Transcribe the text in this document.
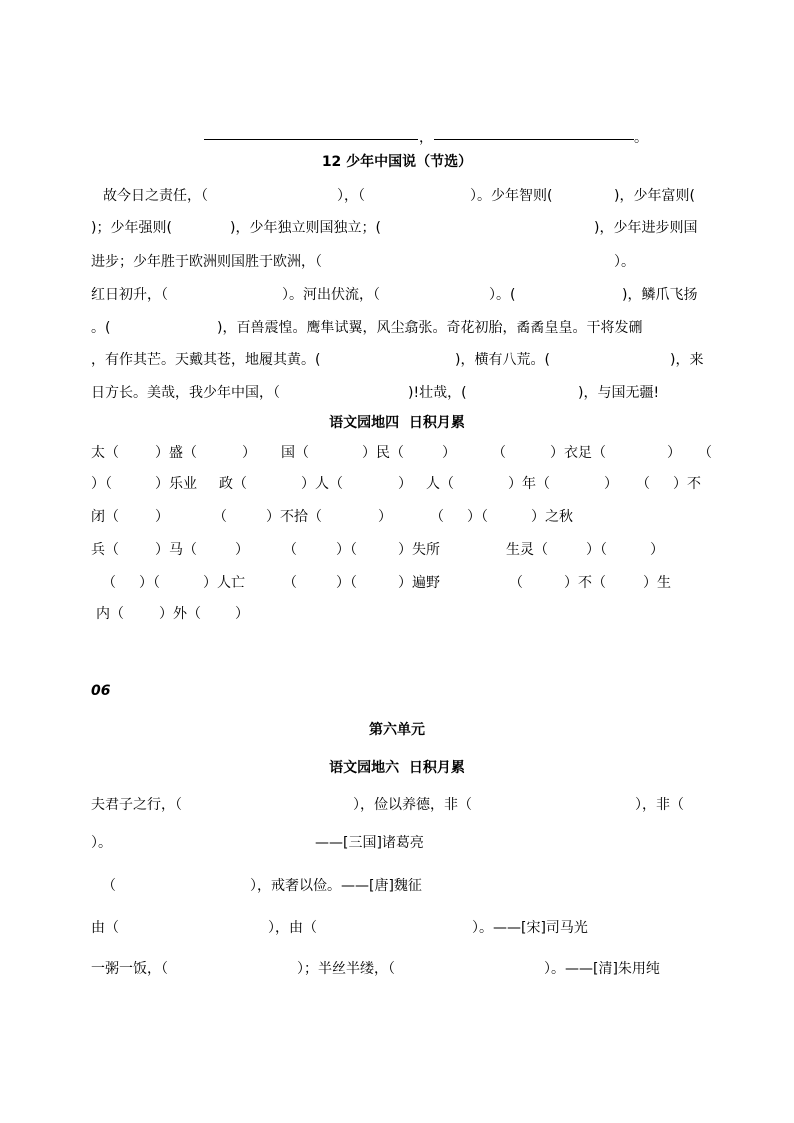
，	。
12 少年中国说（节选）
故今日之责任，（	），（	）。少年智则(	)，少年富则(
)；少年强则(	)，少年独立则国独立；(	)，少年进步则国
进步；少年胜于欧洲则国胜于欧洲，（	）。
红日初升，（	）。河出伏流，（	）。(	)，鳞爪飞扬
。(	)，百兽震惶。鹰隼试翼，风尘翕张。奇花初胎，矞矞皇皇。干将发硎
，有作其芒。天戴其苍，地履其黄。(	)，横有八荒。(	)，来
日方长。美哉，我少年中国，（	)!壮哉，(	)，与国无疆!
语文园地四  日积月累
太（	）盛（	） 国（	）民（	）	（	）衣足（	） （
）（	）乐业 政（	）人（	） 人（	）年（	） （ ）不
闭（	）	（	）不拾（	）	（ ）（	）之秋
兵（	）马（	） （	）（	）失所	生灵（	）（	）
（ ）（	）人亡	（	）（	）遍野	（	）不（	）生
内（	）外（ ）
06
第六单元
语文园地六  日积月累
夫君子之行，（	），俭以养德，非（	），非（
）。	——[三国]诸葛亮
（	），戒奢以俭。——[唐]魏征
由（	），由（	）。——[宋]司马光
一粥一饭，（	）；半丝半缕，（	）。——[清]朱用纯
